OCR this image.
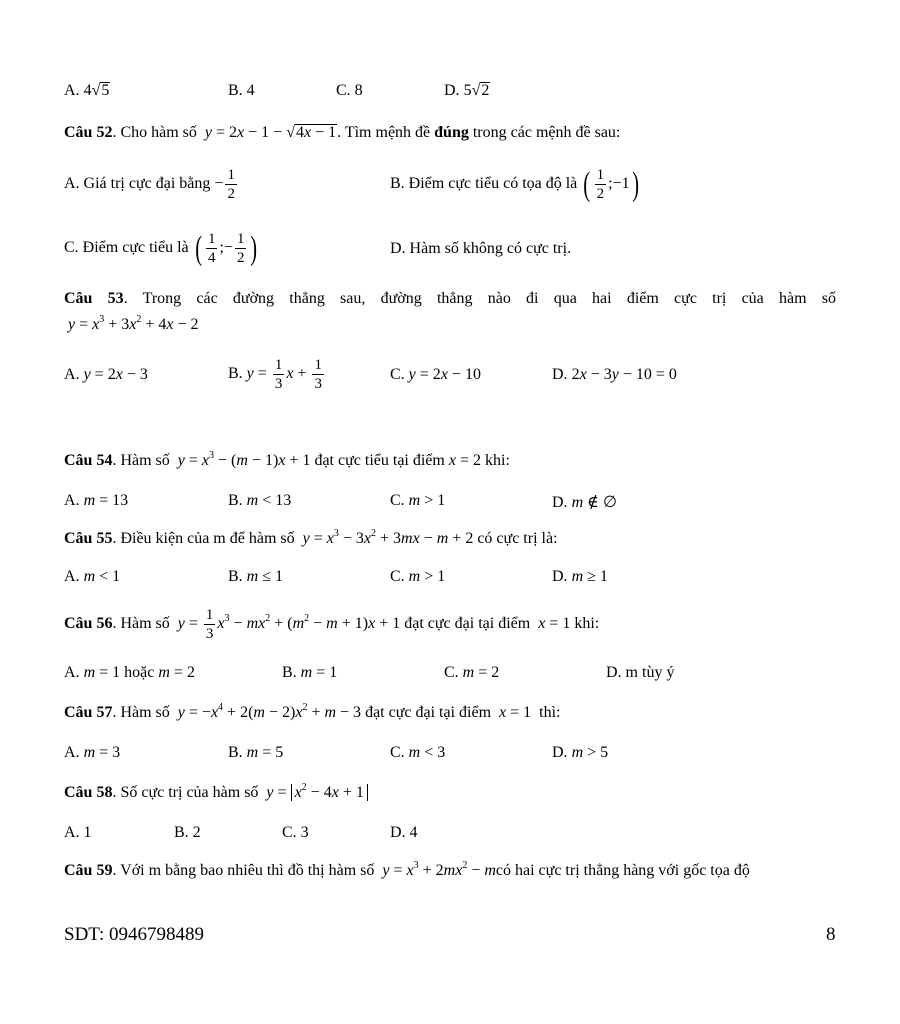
A. 4√5	B. 4	C. 8	D. 5√2
Câu 52. Cho hàm số y = 2x − 1 − √4x − 1. Tìm mệnh đề đúng trong các mệnh đề sau:
A. Giá trị cực đại bằng − $\frac{1}{2}$	B. Điểm cực tiểu có tọa độ là ( $\frac{1}{2}$ ;−1)
C. Điểm cực tiểu là ( $\frac{1}{4}$ ;− $\frac{1}{2}$ )	D. Hàm số không có cực trị.
Câu 53. Trong các đường thẳng sau, đường thẳng nào đi qua hai điểm cực trị của hàm số
$y = x^3 + 3x^2 + 4x - 2$
A. y = 2x − 3	B. $y = \frac{1}{3}$ $x + \frac{1}{3}$	C. y = 2x − 10	D. 2x − 3y − 10 = 0
Câu 54. Hàm số $y = x^3 - (m - 1)x + 1$ đạt cực tiểu tại điểm x = 2 khi:
A. m = 13	B. m < 13	C. m > 1	D. m ∉ ∅
Câu 55. Điều kiện của m để hàm số $y = x^3 - 3x^2 + 3mx - m + 2$ có cực trị là:
A. m < 1	B. m ≤ 1	C. m > 1	D. m ≥ 1
Câu 56. Hàm số $y = \frac{1}{3} x^3 - mx^2 + (m^2 - m + 1)x + 1$ đạt cực đại tại điểm x = 1 khi:
A. m = 1 hoặc m = 2	B. m = 1	C. m = 2	D. m tùy ý
Câu 57. Hàm số $y = -x^4 + 2(m - 2)x^2 + m - 3$ đạt cực đại tại điểm x = 1  thì:
A. m = 3	B. m = 5	C. m < 3	D. m > 5
Câu 58. Số cực trị của hàm số $y = x^2 - 4x + 1$
A. 1	B. 2	C. 3	D. 4
Câu 59. Với m bằng bao nhiêu thì đồ thị hàm số $y = x^3 + 2mx^2$ − mcó hai cực trị thẳng hàng với gốc tọa độ
SDT: 0946798489	8
